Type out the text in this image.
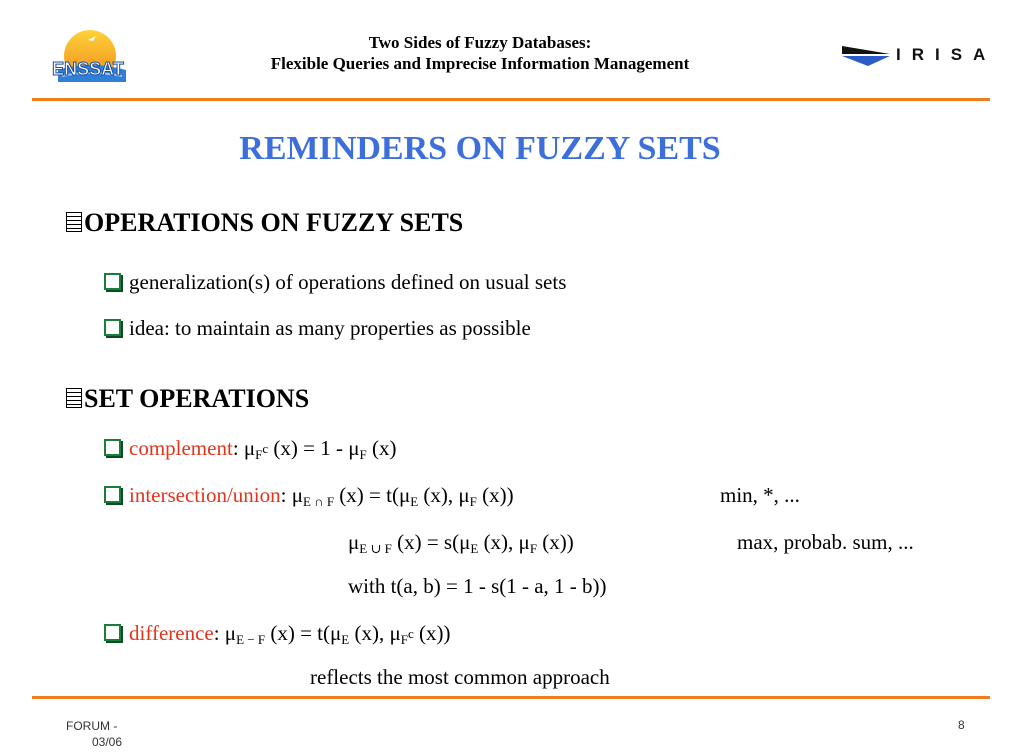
ENSSAT
Two Sides of Fuzzy Databases:
Flexible Queries and Imprecise Information Management	IRISA
REMINDERS ON FUZZY SETS
OPERATIONS ON FUZZY SETS
generalization(s) of operations defined on usual sets
idea: to maintain as many properties as possible
SET OPERATIONS
complement: $\mu_F^c$ $(x) = 1 - \mu_F$ (x)
intersection/union: $\mu_{E \cap F}$ $(x) = t(\mu_E$ (x), $\mu_F$ (x))	min, *, ...
$\mu_{E \cup F}$ $(x) = s(\mu_E$ (x), $\mu_F$ (x))	max, probab. sum, ...
with t(a, b) = 1 - s(1 - a, 1 - b))
difference: $\mu_{E - F}$ $(x) = t(\mu_E$ (x), $\mu_F^c$ (x))
reflects the most common approach
FORUM -
03/06
8
